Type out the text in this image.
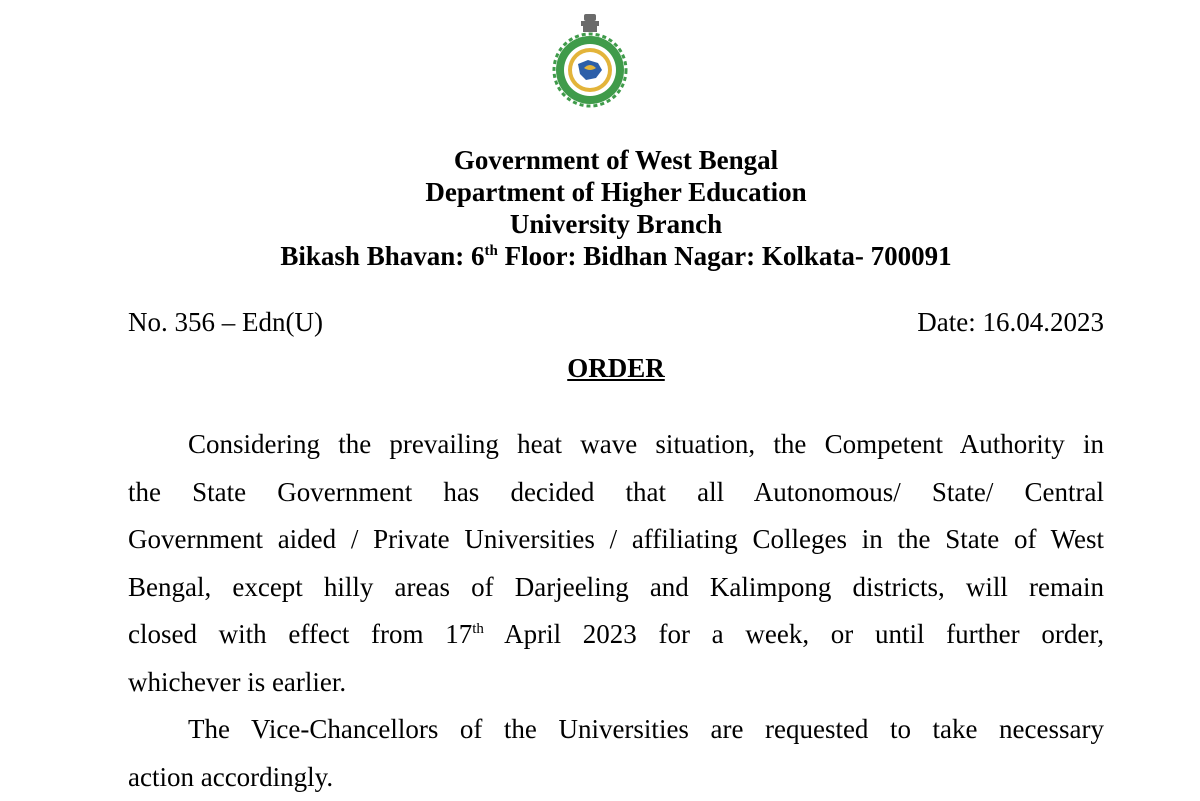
Government of West Bengal
Department of Higher Education
University Branch
Bikash Bhavan: 6th Floor: Bidhan Nagar: Kolkata- 700091
No. 356 – Edn(U)	Date: 16.04.2023
ORDER
Considering the prevailing heat wave situation, the Competent Authority in
the State Government has decided that all Autonomous/ State/ Central
Government aided / Private Universities / affiliating Colleges in the State of West
Bengal, except hilly areas of Darjeeling and Kalimpong districts, will remain
closed with effect from 17th April 2023 for a week, or until further order,
whichever is earlier.
The Vice-Chancellors of the Universities are requested to take necessary
action accordingly.
